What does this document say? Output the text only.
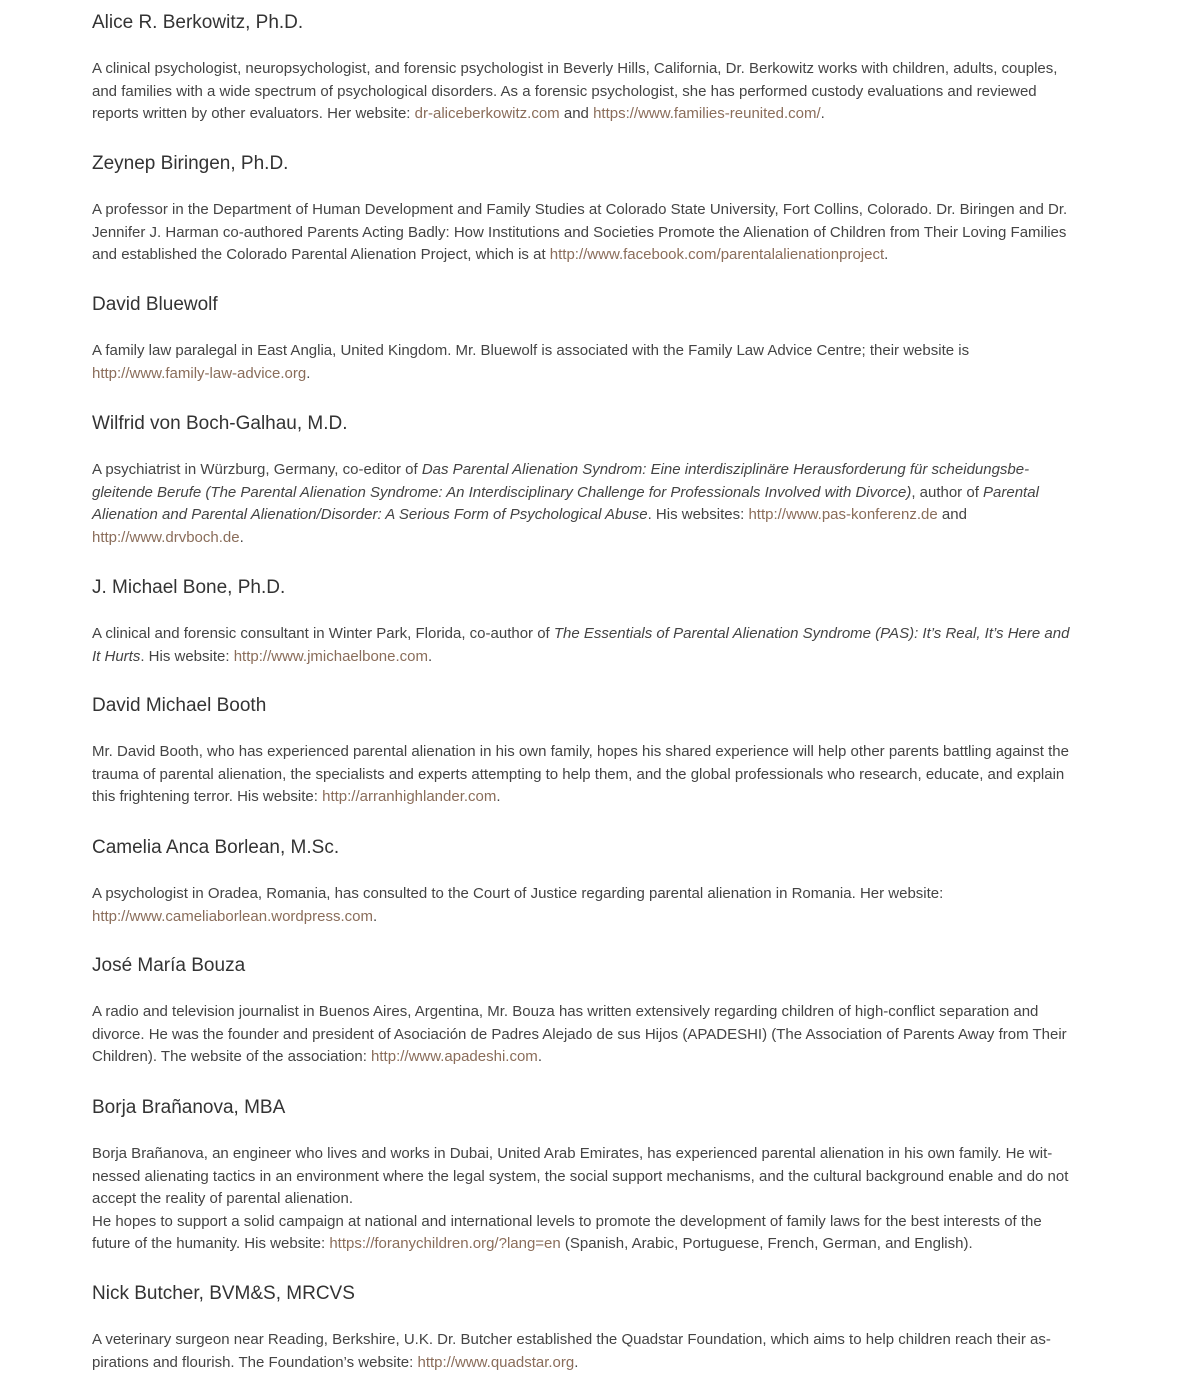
Alice R. Berkowitz, Ph.D.

A clinical psychologist, neuropsychologist, and forensic psychologist in Beverly Hills, California, Dr. Berkowitz works with children, adults, couples, and families with a wide spectrum of psychological disorders. As a forensic psychologist, she has performed custody evaluations and reviewed reports written by other evaluators. Her website: dr-aliceberkowitz.com and https://www.families-reunited.com/.

Zeynep Biringen, Ph.D.

A professor in the Department of Human Development and Family Studies at Colorado State University, Fort Collins, Colorado. Dr. Biringen and Dr. Jennifer J. Harman co-authored Parents Acting Badly: How Institutions and Societies Promote the Alienation of Children from Their Loving Families and established the Colorado Parental Alienation Project, which is at http://www.facebook.com/parentalalienationproject.

David Bluewolf

A family law paralegal in East Anglia, United Kingdom. Mr. Bluewolf is associated with the Family Law Advice Centre; their website is http://www.family-law-advice.org.

Wilfrid von Boch-Galhau, M.D.

A psychiatrist in Würzburg, Germany, co-editor of Das Parental Alienation Syndrom: Eine interdisziplinäre Herausforderung für scheidungsbegleitende Berufe (The Parental Alienation Syndrome: An Interdisciplinary Challenge for Professionals Involved with Divorce), author of Parental Alienation and Parental Alienation/Disorder: A Serious Form of Psychological Abuse. His websites: http://www.pas-konferenz.de and http://www.drvboch.de.

J. Michael Bone, Ph.D.

A clinical and forensic consultant in Winter Park, Florida, co-author of The Essentials of Parental Alienation Syndrome (PAS): It’s Real, It’s Here and It Hurts. His website: http://www.jmichaelbone.com.

David Michael Booth

Mr. David Booth, who has experienced parental alienation in his own family, hopes his shared experience will help other parents battling against the trauma of parental alienation, the specialists and experts attempting to help them, and the global professionals who research, educate, and explain this frightening terror. His website: http://arranhighlander.com.

Camelia Anca Borlean, M.Sc.

A psychologist in Oradea, Romania, has consulted to the Court of Justice regarding parental alienation in Romania. Her website: http://www.cameliaborlean.wordpress.com.

José María Bouza

A radio and television journalist in Buenos Aires, Argentina, Mr. Bouza has written extensively regarding children of high-conflict separation and divorce. He was the founder and president of Asociación de Padres Alejado de sus Hijos (APADESHI) (The Association of Parents Away from Their Children). The website of the association: http://www.apadeshi.com.

Borja Brañanova, MBA

Borja Brañanova, an engineer who lives and works in Dubai, United Arab Emirates, has experienced parental alienation in his own family. He witnessed alienating tactics in an environment where the legal system, the social support mechanisms, and the cultural background enable and do not accept the reality of parental alienation.

He hopes to support a solid campaign at national and international levels to promote the development of family laws for the best interests of the future of the humanity. His website: https://foranychildren.org/?lang=en (Spanish, Arabic, Portuguese, French, German, and English).

Nick Butcher, BVM&S, MRCVS

A veterinary surgeon near Reading, Berkshire, U.K. Dr. Butcher established the Quadstar Foundation, which aims to help children reach their aspirations and flourish. The Foundation’s website: http://www.quadstar.org.
